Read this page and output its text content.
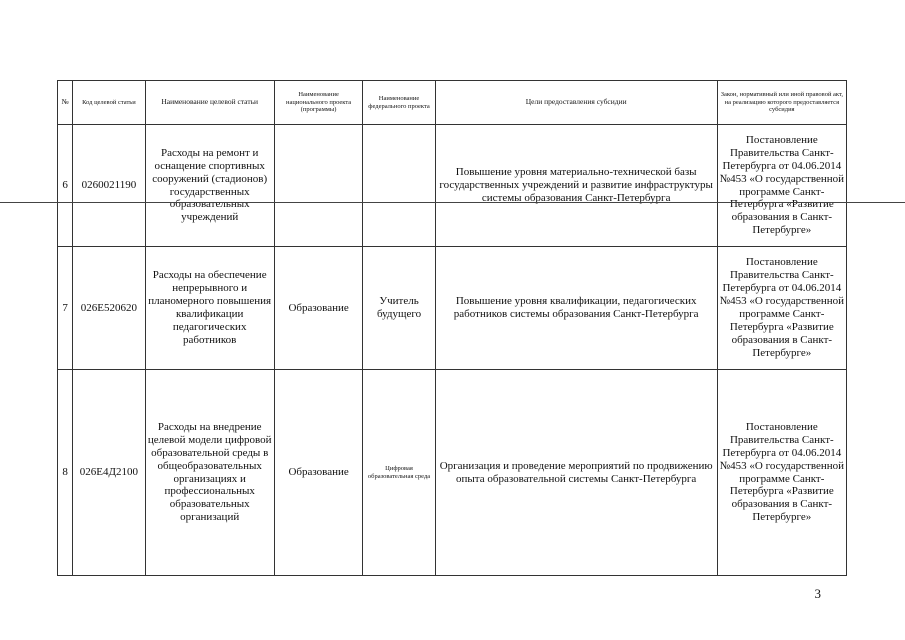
№	Код целевой статьи	Наименование целевой статьи	Наименование национального проекта (программы)	Наименование федерального проекта	Цели предоставления субсидии	Закон, нормативный или иной правовой акт, на реализацию которого предоставляется субсидия
6	0260021190	Расходы на ремонт и оснащение спортивных сооружений (стадионов) государственных образовательных учреждений			Повышение уровня материально-технической базы государственных учреждений и развитие инфраструктуры системы образования Санкт-Петербурга	Постановление Правительства Санкт-Петербурга от 04.06.2014 №453 «О государственной программе Санкт-Петербурга «Развитие образования в Санкт-Петербурге»
7	026E520620	Расходы на обеспечение непрерывного и планомерного повышения квалификации педагогических работников	Образование	Учитель будущего	Повышение уровня квалификации, педагогических работников системы образования Санкт-Петербурга	Постановление Правительства Санкт-Петербурга от 04.06.2014 №453 «О государственной программе Санкт-Петербурга «Развитие образования в Санкт-Петербурге»
8	026E4Д2100	Расходы на внедрение целевой модели цифровой образовательной среды в общеобразовательных организациях и профессиональных образовательных организаций	Образование	Цифровая образовательная среда	Организация и проведение мероприятий по продвижению опыта образовательной системы Санкт-Петербурга	Постановление Правительства Санкт-Петербурга от 04.06.2014 №453 «О государственной программе Санкт-Петербурга «Развитие образования в Санкт-Петербурге»
3
